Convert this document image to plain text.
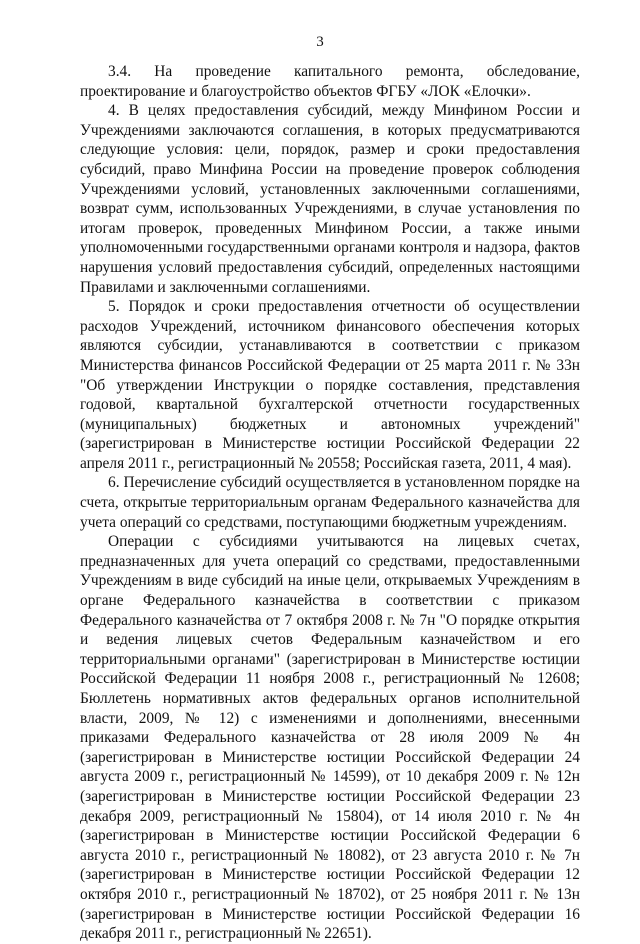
3

3.4. На проведение капитального ремонта, обследование, проектирование и благоустройство объектов ФГБУ «ЛОК «Елочки».

4. В целях предоставления субсидий, между Минфином России и Учреждениями заключаются соглашения, в которых предусматриваются следующие условия: цели, порядок, размер и сроки предоставления субсидий, право Минфина России на проведение проверок соблюдения Учреждениями условий, установленных заключенными соглашениями, возврат сумм, использованных Учреждениями, в случае установления по итогам проверок, проведенных Минфином России, а также иными уполномоченными государственными органами контроля и надзора, фактов нарушения условий предоставления субсидий, определенных настоящими Правилами и заключенными соглашениями.

5. Порядок и сроки предоставления отчетности об осуществлении расходов Учреждений, источником финансового обеспечения которых являются субсидии, устанавливаются в соответствии с приказом Министерства финансов Российской Федерации от 25 марта 2011 г. № 33н "Об утверждении Инструкции о порядке составления, представления годовой, квартальной бухгалтерской отчетности государственных (муниципальных) бюджетных и автономных учреждений" (зарегистрирован в Министерстве юстиции Российской Федерации 22 апреля 2011 г., регистрационный № 20558; Российская газета, 2011, 4 мая).

6. Перечисление субсидий осуществляется в установленном порядке на счета, открытые территориальным органам Федерального казначейства для учета операций со средствами, поступающими бюджетным учреждениям.

Операции с субсидиями учитываются на лицевых счетах, предназначенных для учета операций со средствами, предоставленными Учреждениям в виде субсидий на иные цели, открываемых Учреждениям в органе Федерального казначейства в соответствии с приказом Федерального казначейства от 7 октября 2008 г. № 7н "О порядке открытия и ведения лицевых счетов Федеральным казначейством и его территориальными органами" (зарегистрирован в Министерстве юстиции Российской Федерации 11 ноября 2008 г., регистрационный № 12608; Бюллетень нормативных актов федеральных органов исполнительной власти, 2009, № 12) с изменениями и дополнениями, внесенными приказами Федерального казначейства от 28 июля 2009 № 4н (зарегистрирован в Министерстве юстиции Российской Федерации 24 августа 2009 г., регистрационный № 14599), от 10 декабря 2009 г. № 12н (зарегистрирован в Министерстве юстиции Российской Федерации 23 декабря 2009, регистрационный № 15804), от 14 июля 2010 г. № 4н (зарегистрирован в Министерстве юстиции Российской Федерации 6 августа 2010 г., регистрационный № 18082), от 23 августа 2010 г. № 7н (зарегистрирован в Министерстве юстиции Российской Федерации 12 октября 2010 г., регистрационный № 18702), от 25 ноября 2011 г. № 13н (зарегистрирован в Министерстве юстиции Российской Федерации 16 декабря 2011 г., регистрационный № 22651).
